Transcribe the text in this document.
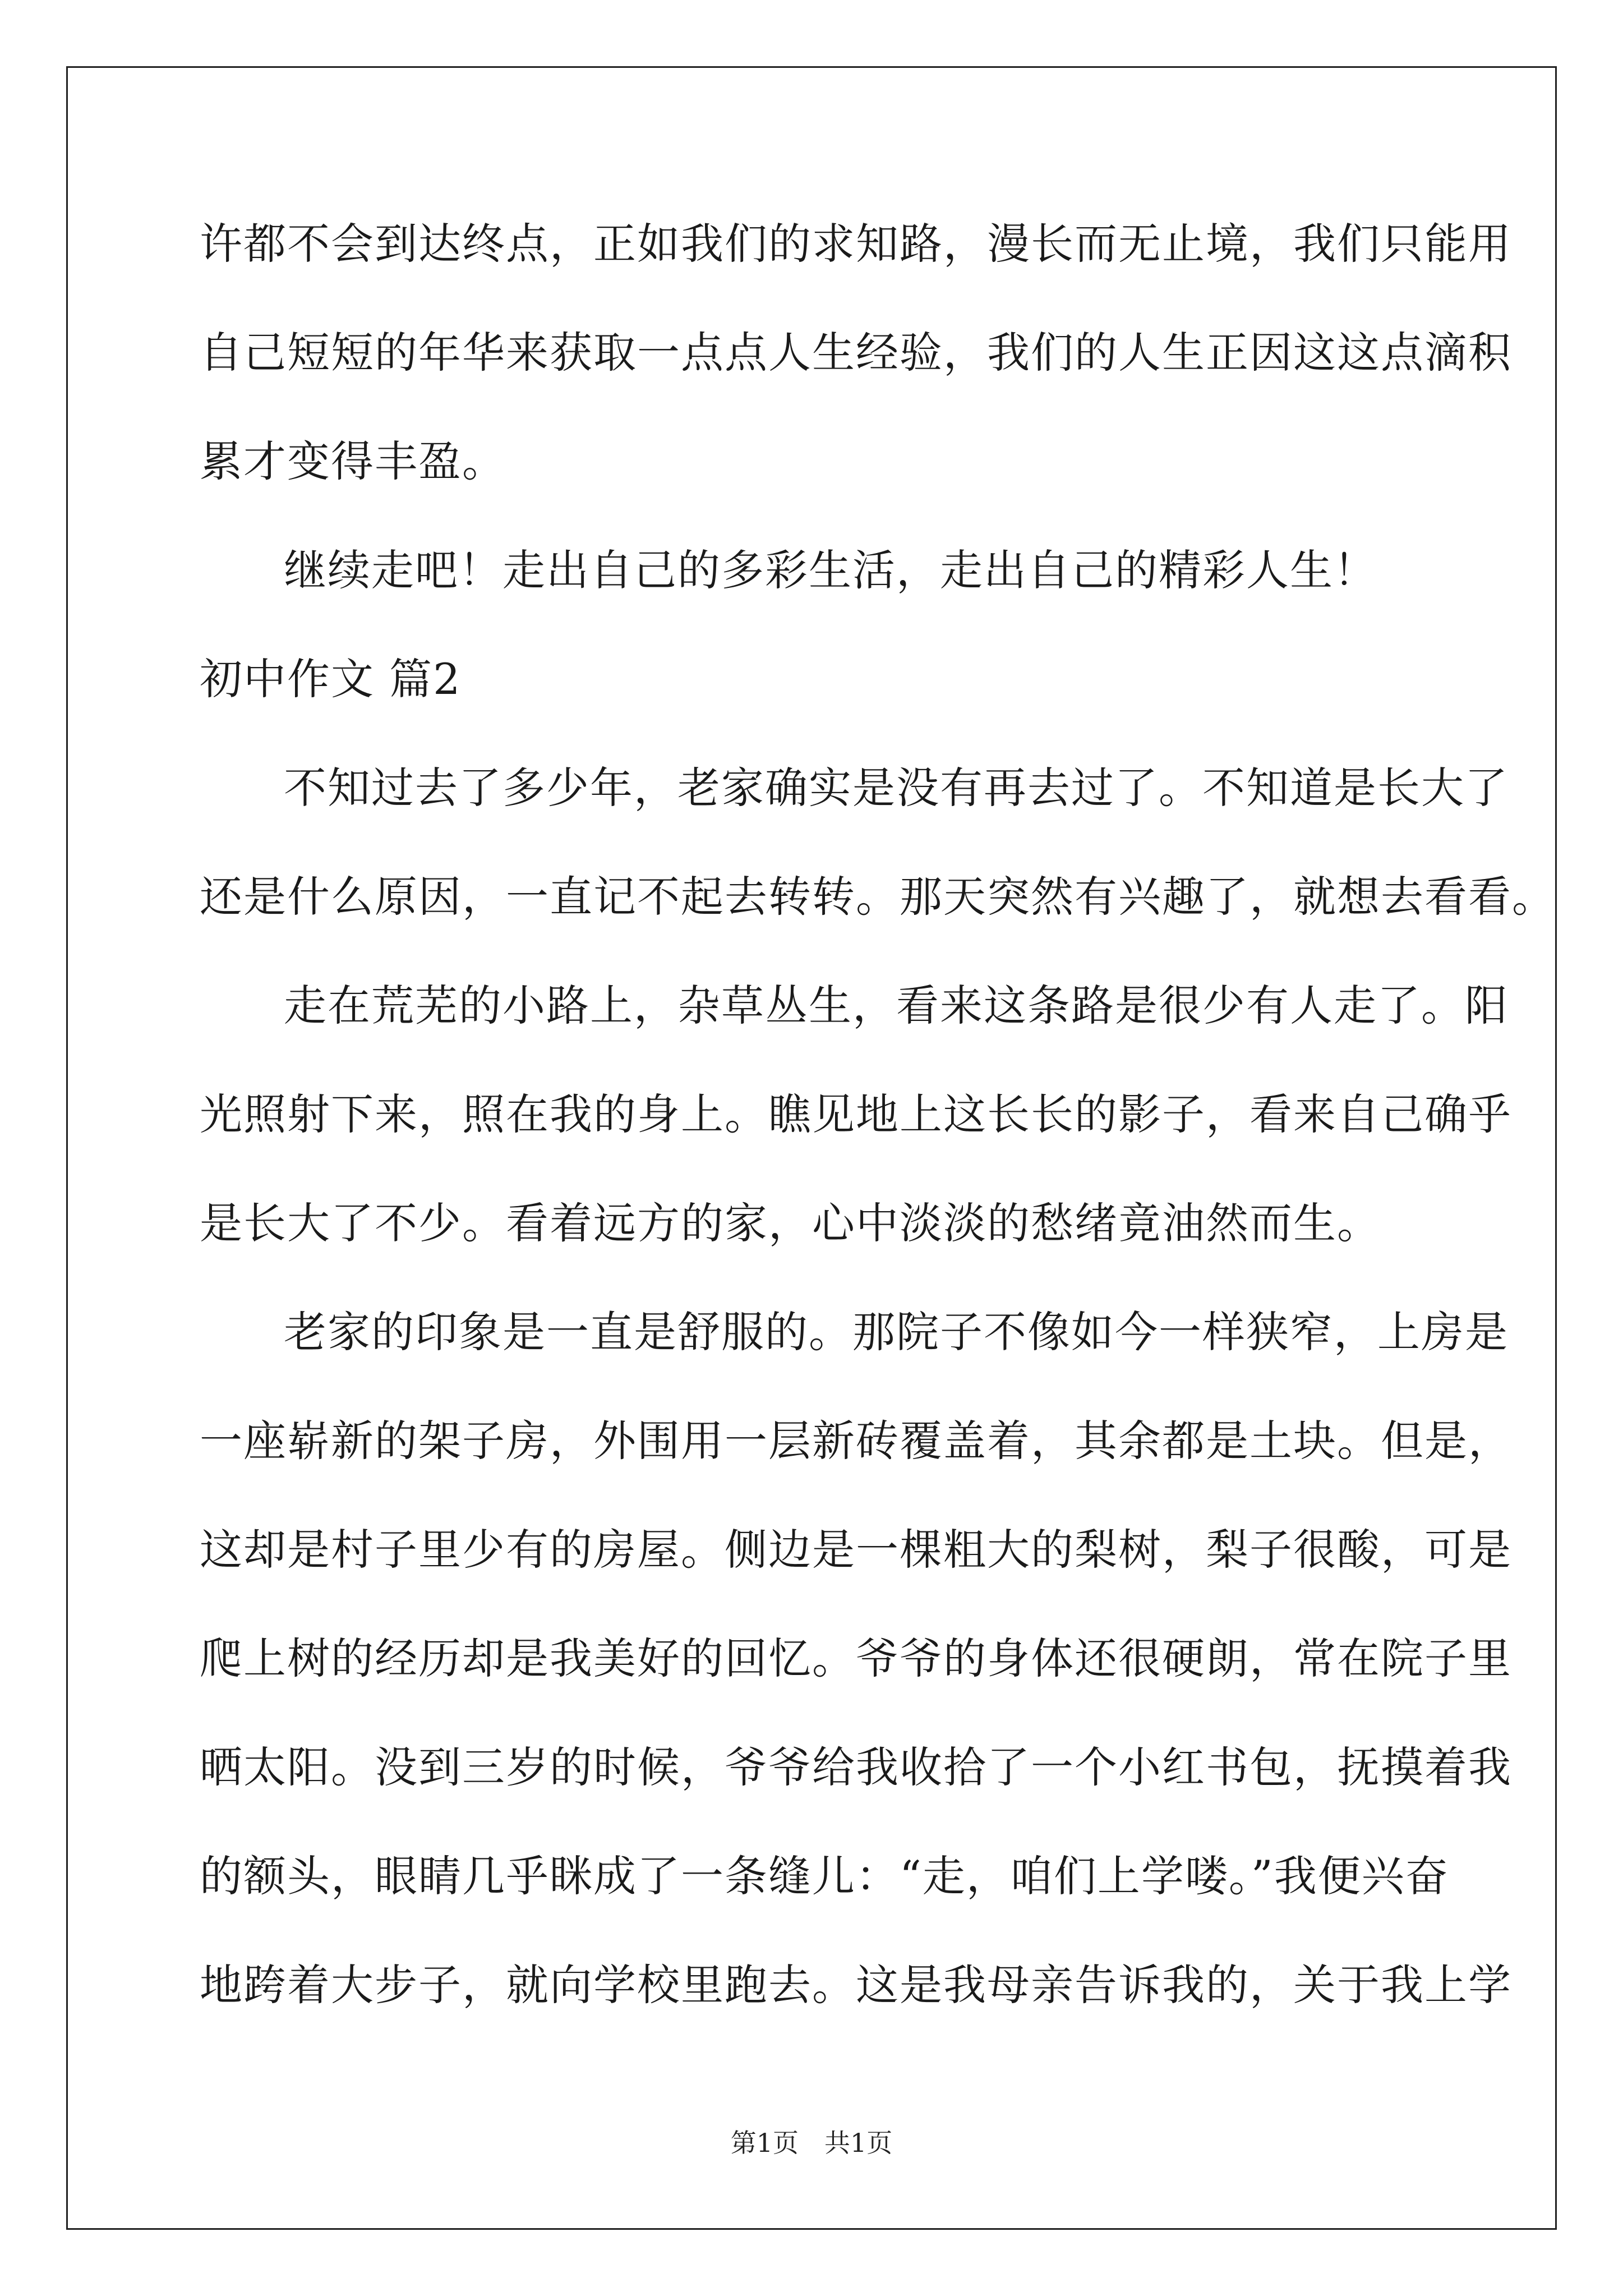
许都不会到达终点，正如我们的求知路，漫长而无止境，我们只能用
自己短短的年华来获取一点点人生经验，我们的人生正因这这点滴积
累才变得丰盈。
继续走吧！走出自己的多彩生活，走出自己的精彩人生！
初中作文 篇2
不知过去了多少年，老家确实是没有再去过了。不知道是长大了
还是什么原因，一直记不起去转转。那天突然有兴趣了，就想去看看。
走在荒芜的小路上，杂草丛生，看来这条路是很少有人走了。阳
光照射下来，照在我的身上。瞧见地上这长长的影子，看来自己确乎
是长大了不少。看着远方的家，心中淡淡的愁绪竟油然而生。
老家的印象是一直是舒服的。那院子不像如今一样狭窄，上房是
一座崭新的架子房，外围用一层新砖覆盖着，其余都是土块。但是，
这却是村子里少有的房屋。侧边是一棵粗大的梨树，梨子很酸，可是
爬上树的经历却是我美好的回忆。爷爷的身体还很硬朗，常在院子里
晒太阳。没到三岁的时候，爷爷给我收拾了一个小红书包，抚摸着我
的额头，眼睛几乎眯成了一条缝儿：“走，咱们上学喽。”我便兴奋
地跨着大步子，就向学校里跑去。这是我母亲告诉我的，关于我上学
第1页 共1页
